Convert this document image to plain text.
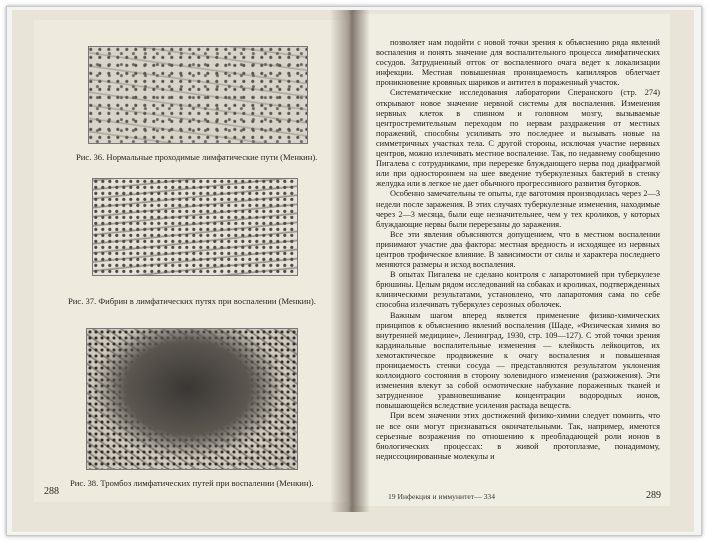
Рис. 36. Нормальные проходимые лимфатические пути (Менкин).
Рис. 37. Фибрин в лимфатических путях при воспалении (Менкин).
Рис. 38. Тромбоз лимфатических путей при воспалении (Менкин).
288

позволяет нам подойти с новой точки зрения к объяснению ряда явлений воспаления и понять значение для воспалительного процесса лимфатических сосудов. Затрудненный отток от воспаленного очага ведет к локализации инфекции. Местная повышенная проницаемость капилляров облегчает проникновение кровяных шариков и антител в пораженный участок.

Систематические исследования лаборатории Сперанского (стр. 274) открывают новое значение нервной системы для воспаления. Изменения нервных клеток в спинном и головном мозгу, вызываемые центростремительным переходом по нервам раздражения от местных поражений, способны усиливать это последнее и вызывать новые на симметричных участках тела. С другой стороны, исключая участие нервных центров, можно излечивать местное воспаление. Так, по недавнему сообщению Пигалева с сотрудниками, при перерезке блуждающего нерва под диафрагмой или при одностороннем на шее введение туберкулезных бактерий в стенку желудка или в легкое не дает обычного прогрессивного развития бугорков.

Особенно замечательны те опыты, где ваготомия производилась через 2—3 недели после заражения. В этих случаях туберкулезные изменения, находимые через 2—3 месяца, были еще незначительнее, чем у тех кроликов, у которых блуждающие нервы были перерезаны до заражения.

Все эти явления объясняются допущением, что в местном воспалении принимают участие два фактора: местная вредность и исходящее из нервных центров трофическое влияние. В зависимости от силы и характера последнего меняются размеры и исход воспаления.

В опытах Пигалева не сделано контроля с лапаротомией при туберкулезе брюшины. Целым рядом исследований на собаках и кроликах, подтвержденных клиническими результатами, установлено, что лапаротомия сама по себе способна излечивать туберкулез серозных оболочек.

Важным шагом вперед является применение физико-химических принципов к объяснению явлений воспаления (Шаде, «Физическая химия во внутренней медицине», Ленинград, 1930, стр. 109—127). С этой точки зрения кардинальные воспалительные изменения — клейкость лейкоцитов, их хемотактическое продвижение к очагу воспаления и повышенная проницаемость стенки сосуда — представляются результатом уклонения коллоидного состояния в сторону золевидного изменения (разжижения). Эти изменения влекут за собой осмотические набухание пораженных тканей и затрудненное уравновешивание концентрации водородных ионов, повышающейся вследствие усиления распада веществ.

При всем значении этих достижений физико-химии следует помнить, что не все они могут признаваться окончательными. Так, например, имеются серьезные возражения по отношению к преобладающей роли ионов в биологических процессах: в живой протоплазме, понадимому, недиссоциированные молекулы и

19 Инфекция и иммунитет— 334	289
